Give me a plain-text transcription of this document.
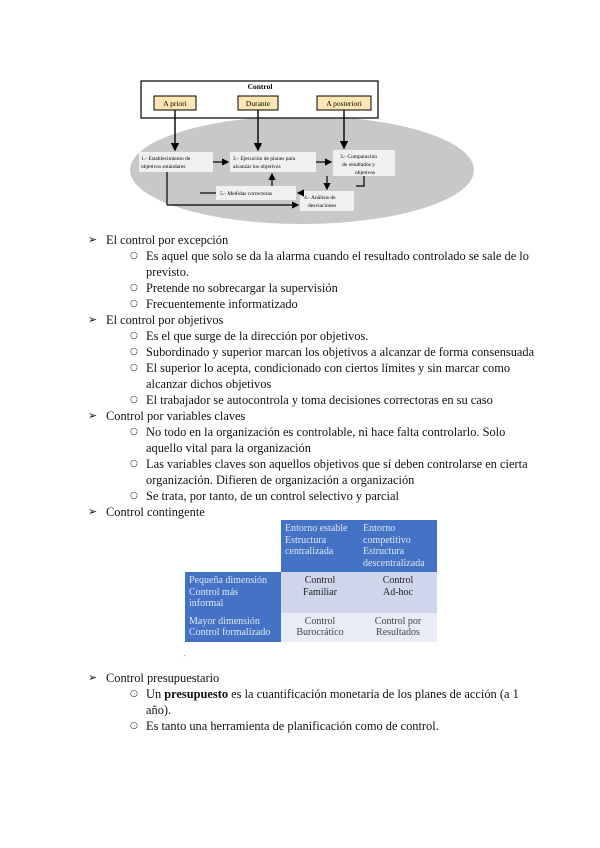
Control
A priori	Durante	A posteriori
1.- Establecimiento de
objetivos estándares
2.- Ejecución de planes para
alcanzar los objetivos
3.- Comparación
de resultados y
objetivos
5.- Medidas correctoras
4.- Análisis de
desviaciones
➢ El control por excepción
○ Es aquel que solo se da la alarma cuando el resultado controlado se sale de lo
previsto.
○ Pretende no sobrecargar la supervisión
○ Frecuentemente informatizado
➢ El control por objetivos
○ Es el que surge de la dirección por objetivos.
○ Subordinado y superior marcan los objetivos a alcanzar de forma consensuada
○ El superior lo acepta, condicionado con ciertos límites y sin marcar como
alcanzar dichos objetivos
○ El trabajador se autocontrola y toma decisiones correctoras en su caso
➢ Control por variables claves
○ No todo en la organización es controlable, ni hace falta controlarlo. Solo
aquello vital para la organización
○ Las variables claves son aquellos objetivos que sí deben controlarse en cierta
organización. Difieren de organización a organización
○ Se trata, por tanto, de un control selectivo y parcial
➢ Control contingente
	Entorno estable
Estructura
centralizada	Entorno
competitivo
Estructura
descentralizada
Pequeña dimensión
Control más
informal	Control
Familiar	Control
Ad-hoc
Mayor dimensión
Control formalizado	Control
Burocrático	Control por
Resultados
´
➢ Control presupuestario
○ Un presupuesto es la cuantificación monetaria de los planes de acción (a 1
año).
○ Es tanto una herramienta de planificación como de control.
